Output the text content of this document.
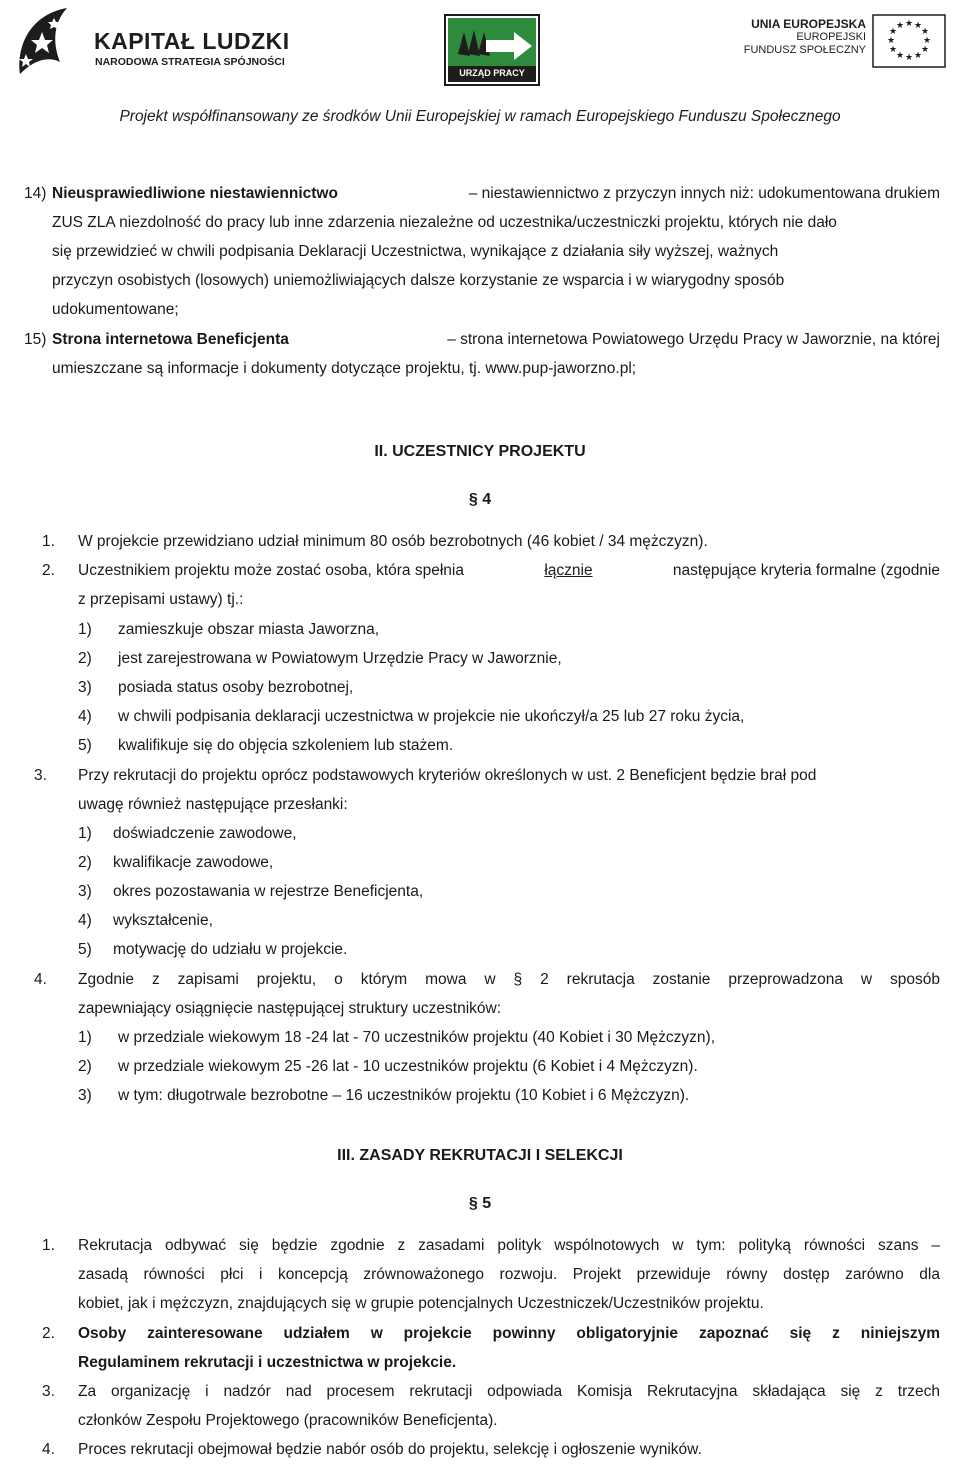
KAPITAŁ LUDZKI
NARODOWA STRATEGIA SPÓJNOŚCI
URZĄD PRACY
UNIA EUROPEJSKA
EUROPEJSKI
FUNDUSZ SPOŁECZNY
★ ★
★
★
★
★
★
★
★
★
★
★
Projekt współfinansowany ze środków Unii Europejskiej w ramach Europejskiego Funduszu Społecznego
14) Nieusprawiedliwione niestawiennictwo	– niestawiennictwo z przyczyn innych niż: udokumentowana drukiem
ZUS ZLA niezdolność do pracy lub inne zdarzenia niezależne od uczestnika/uczestniczki projektu, których nie dało
się przewidzieć w chwili podpisania Deklaracji Uczestnictwa, wynikające z działania siły wyższej, ważnych
przyczyn osobistych (losowych) uniemożliwiających dalsze korzystanie ze wsparcia i w wiarygodny sposób
udokumentowane;
15) Strona internetowa Beneficjenta	– strona internetowa Powiatowego Urzędu Pracy w Jaworznie, na której
umieszczane są informacje i dokumenty dotyczące projektu, tj. www.pup-jaworzno.pl;
II. UCZESTNICY PROJEKTU
§ 4
1. W projekcie przewidziano udział minimum 80 osób bezrobotnych (46 kobiet / 34 mężczyzn).
2. Uczestnikiem projektu może zostać osoba, która spełnia	łącznie	następujące kryteria formalne (zgodnie
z przepisami ustawy) tj.:
1) zamieszkuje obszar miasta Jaworzna,
2) jest zarejestrowana w Powiatowym Urzędzie Pracy w Jaworznie,
3) posiada status osoby bezrobotnej,
4) w chwili podpisania deklaracji uczestnictwa w projekcie nie ukończył/a 25 lub 27 roku życia,
5) kwalifikuje się do objęcia szkoleniem lub stażem.
3. Przy rekrutacji do projektu oprócz podstawowych kryteriów określonych w ust. 2 Beneficjent będzie brał pod
uwagę również następujące przesłanki:
1) doświadczenie zawodowe,
2) kwalifikacje zawodowe,
3) okres pozostawania w rejestrze Beneficjenta,
4) wykształcenie,
5) motywację do udziału w projekcie.
4. Zgodnie z zapisami projektu, o którym mowa w § 2 rekrutacja zostanie przeprowadzona w sposób
zapewniający osiągnięcie następującej struktury uczestników:
1) w przedziale wiekowym 18 -24 lat - 70 uczestników projektu (40 Kobiet i 30 Mężczyzn),
2) w przedziale wiekowym 25 -26 lat - 10 uczestników projektu (6 Kobiet i 4 Mężczyzn).
3) w tym: długotrwale bezrobotne – 16 uczestników projektu (10 Kobiet i 6 Mężczyzn).
III. ZASADY REKRUTACJI I SELEKCJI
§ 5
1. Rekrutacja odbywać się będzie zgodnie z zasadami polityk wspólnotowych w tym: polityką równości szans –
zasadą równości płci i koncepcją zrównoważonego rozwoju. Projekt przewiduje równy dostęp zarówno dla
kobiet, jak i mężczyzn, znajdujących się w grupie potencjalnych Uczestniczek/Uczestników projektu.
2. Osoby zainteresowane udziałem w projekcie powinny obligatoryjnie zapoznać się z niniejszym
Regulaminem rekrutacji i uczestnictwa w projekcie.
3. Za organizację i nadzór nad procesem rekrutacji odpowiada Komisja Rekrutacyjna składająca się z trzech
członków Zespołu Projektowego (pracowników Beneficjenta).
4. Proces rekrutacji obejmował będzie nabór osób do projektu, selekcję i ogłoszenie wyników.
